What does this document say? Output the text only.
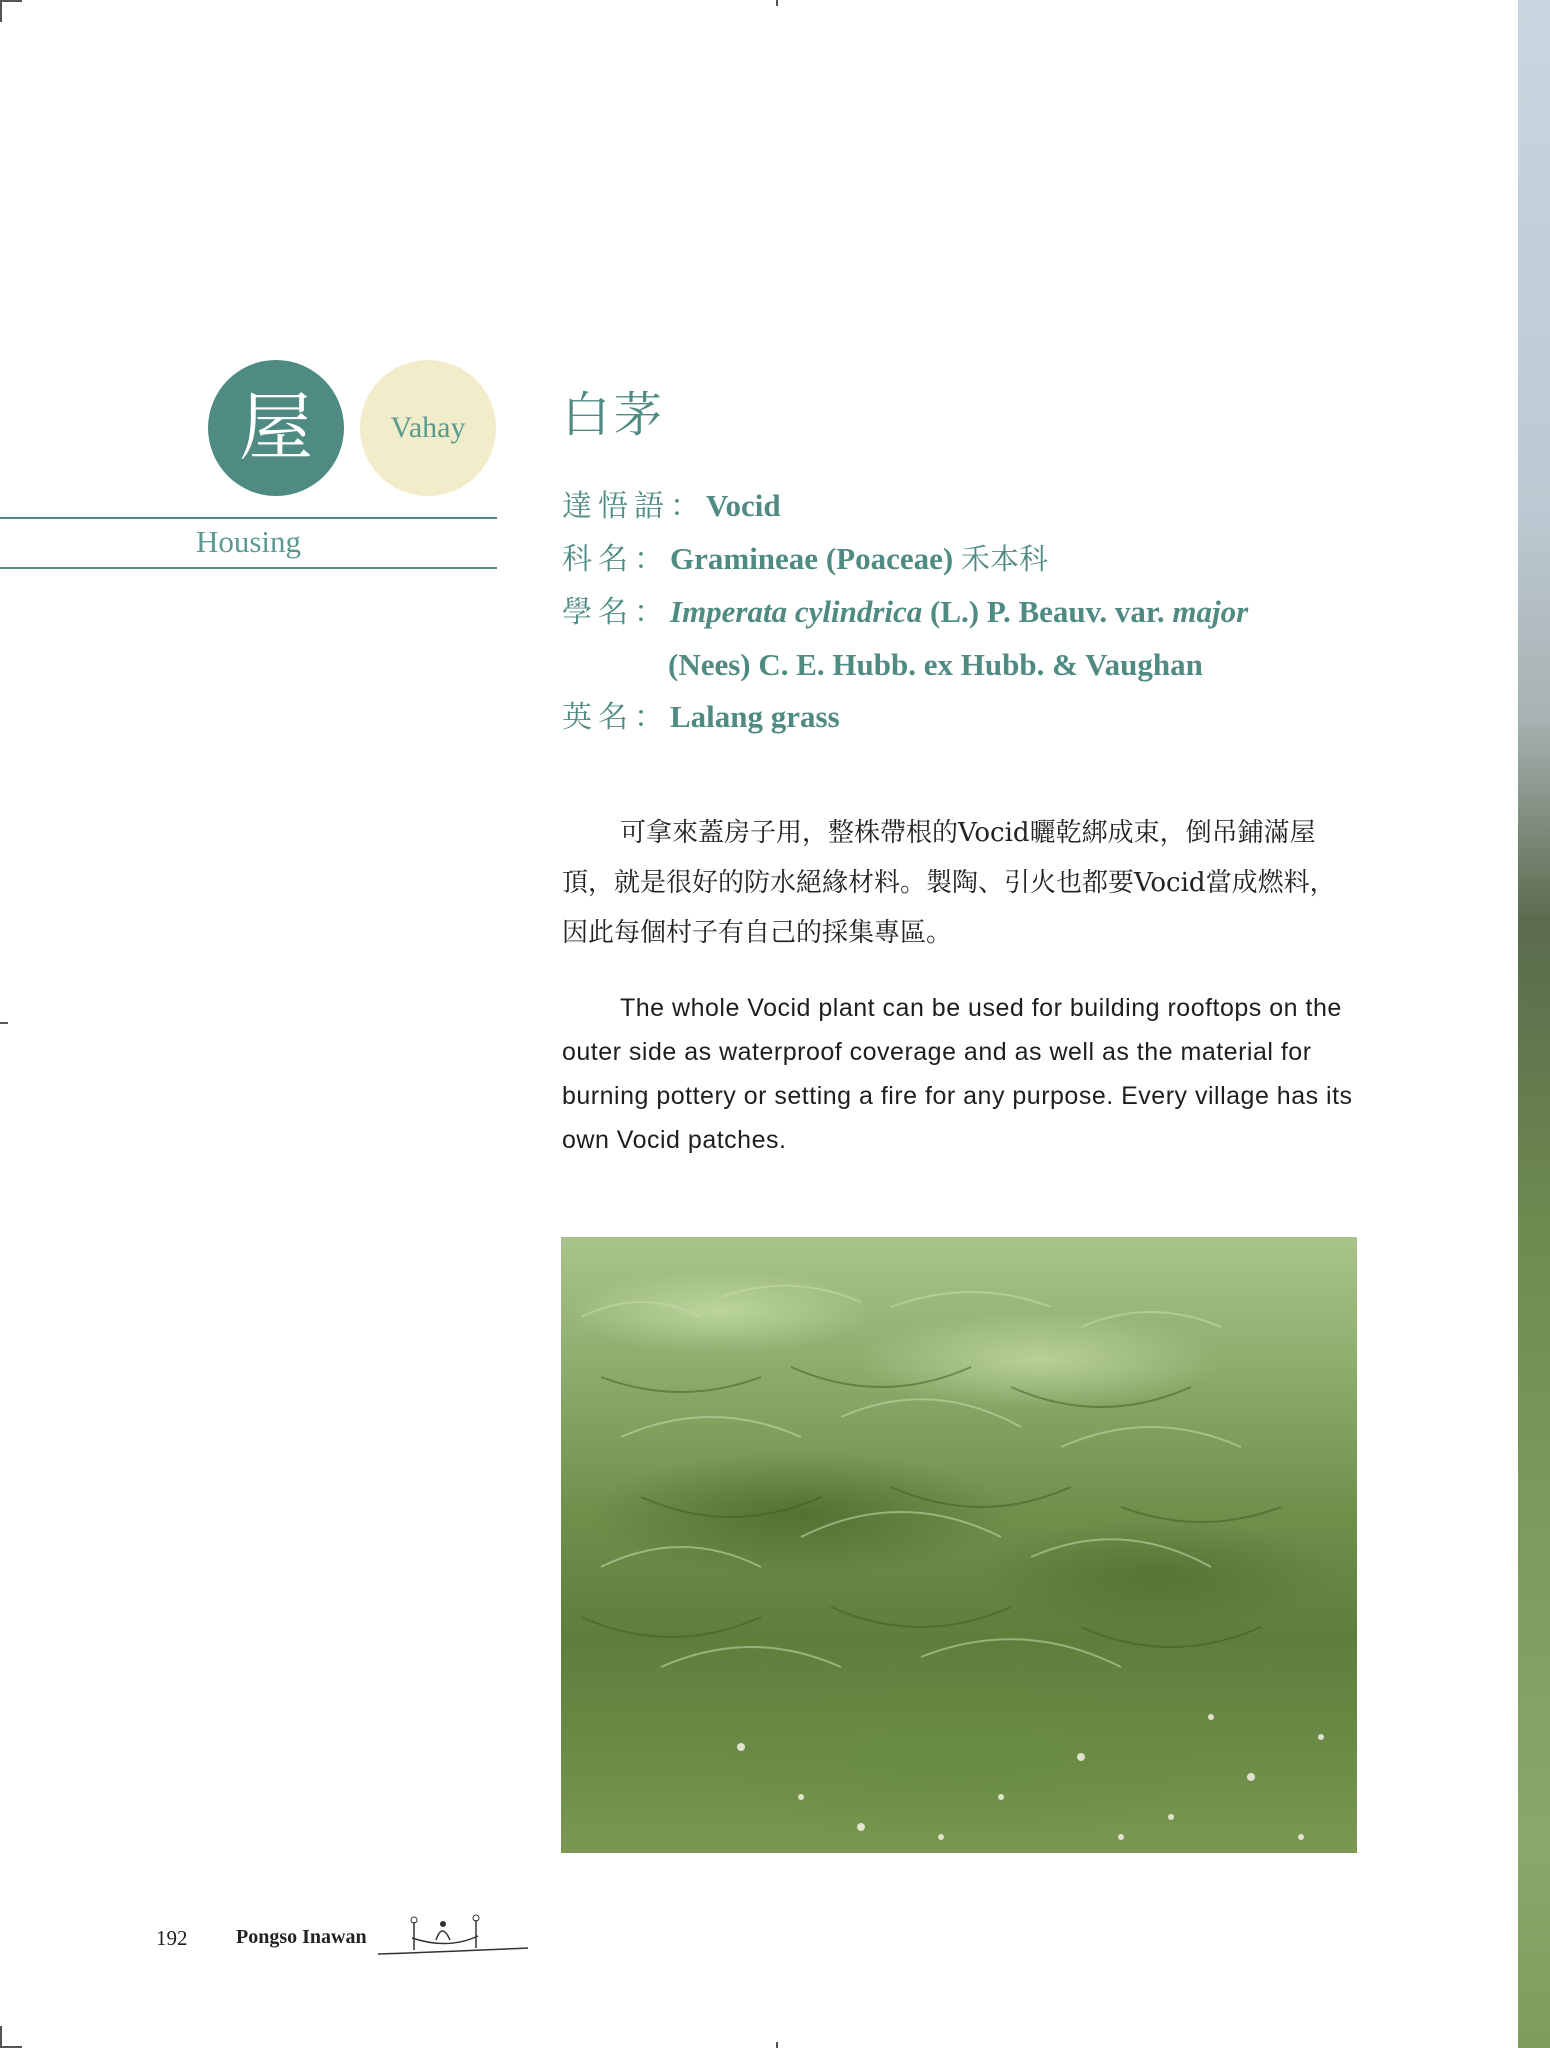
屋	Vahay
Housing
白茅
達悟語：Vocid
科名：Gramineae (Poaceae) 禾本科
學名：Imperata cylindrica (L.) P. Beauv. var. major
(Nees) C. E. Hubb. ex Hubb. & Vaughan
英名：Lalang grass
可拿來蓋房子用，整株帶根的Vocid曬乾綁成束，倒吊鋪滿屋頂，就是很好的防水絕緣材料。製陶、引火也都要Vocid當成燃料，因此每個村子有自己的採集專區。
The whole Vocid plant can be used for building rooftops on the outer side as waterproof coverage and as well as the material for burning pottery or setting a fire for any purpose. Every village has its own Vocid patches.
192 Pongso Inawan
